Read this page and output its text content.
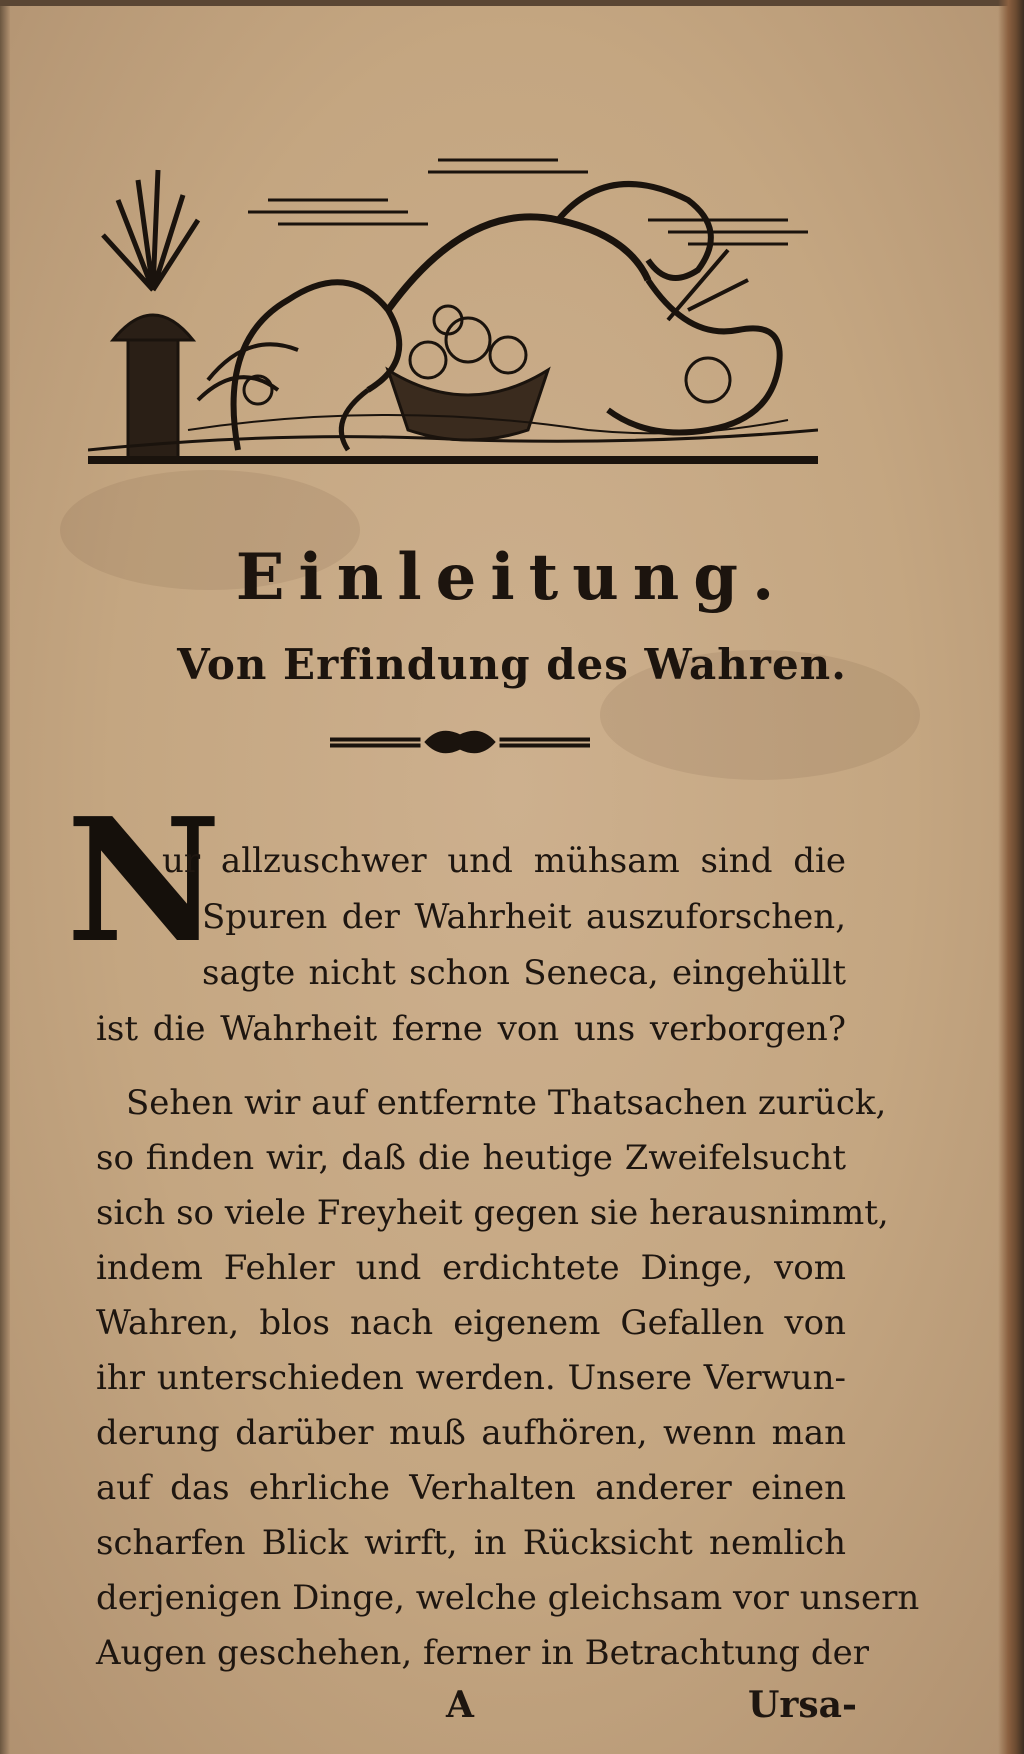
Einleitung.
Von Erfindung des Wahren.
N
ur allzuschwer und mühsam sind die
Spuren der Wahrheit auszuforschen,
sagte nicht schon Seneca, eingehüllt
ist die Wahrheit ferne von uns verborgen?
Sehen wir auf entfernte Thatsachen zurück,
so finden wir, daß die heutige Zweifelsucht
sich so viele Freyheit gegen sie herausnimmt,
indem Fehler und erdichtete Dinge, vom
Wahren, blos nach eigenem Gefallen von
ihr unterschieden werden. Unsere Verwun-
derung darüber muß aufhören, wenn man
auf das ehrliche Verhalten anderer einen
scharfen Blick wirft, in Rücksicht nemlich
derjenigen Dinge, welche gleichsam vor unsern
Augen geschehen, ferner in Betrachtung der
A	Ursa-
